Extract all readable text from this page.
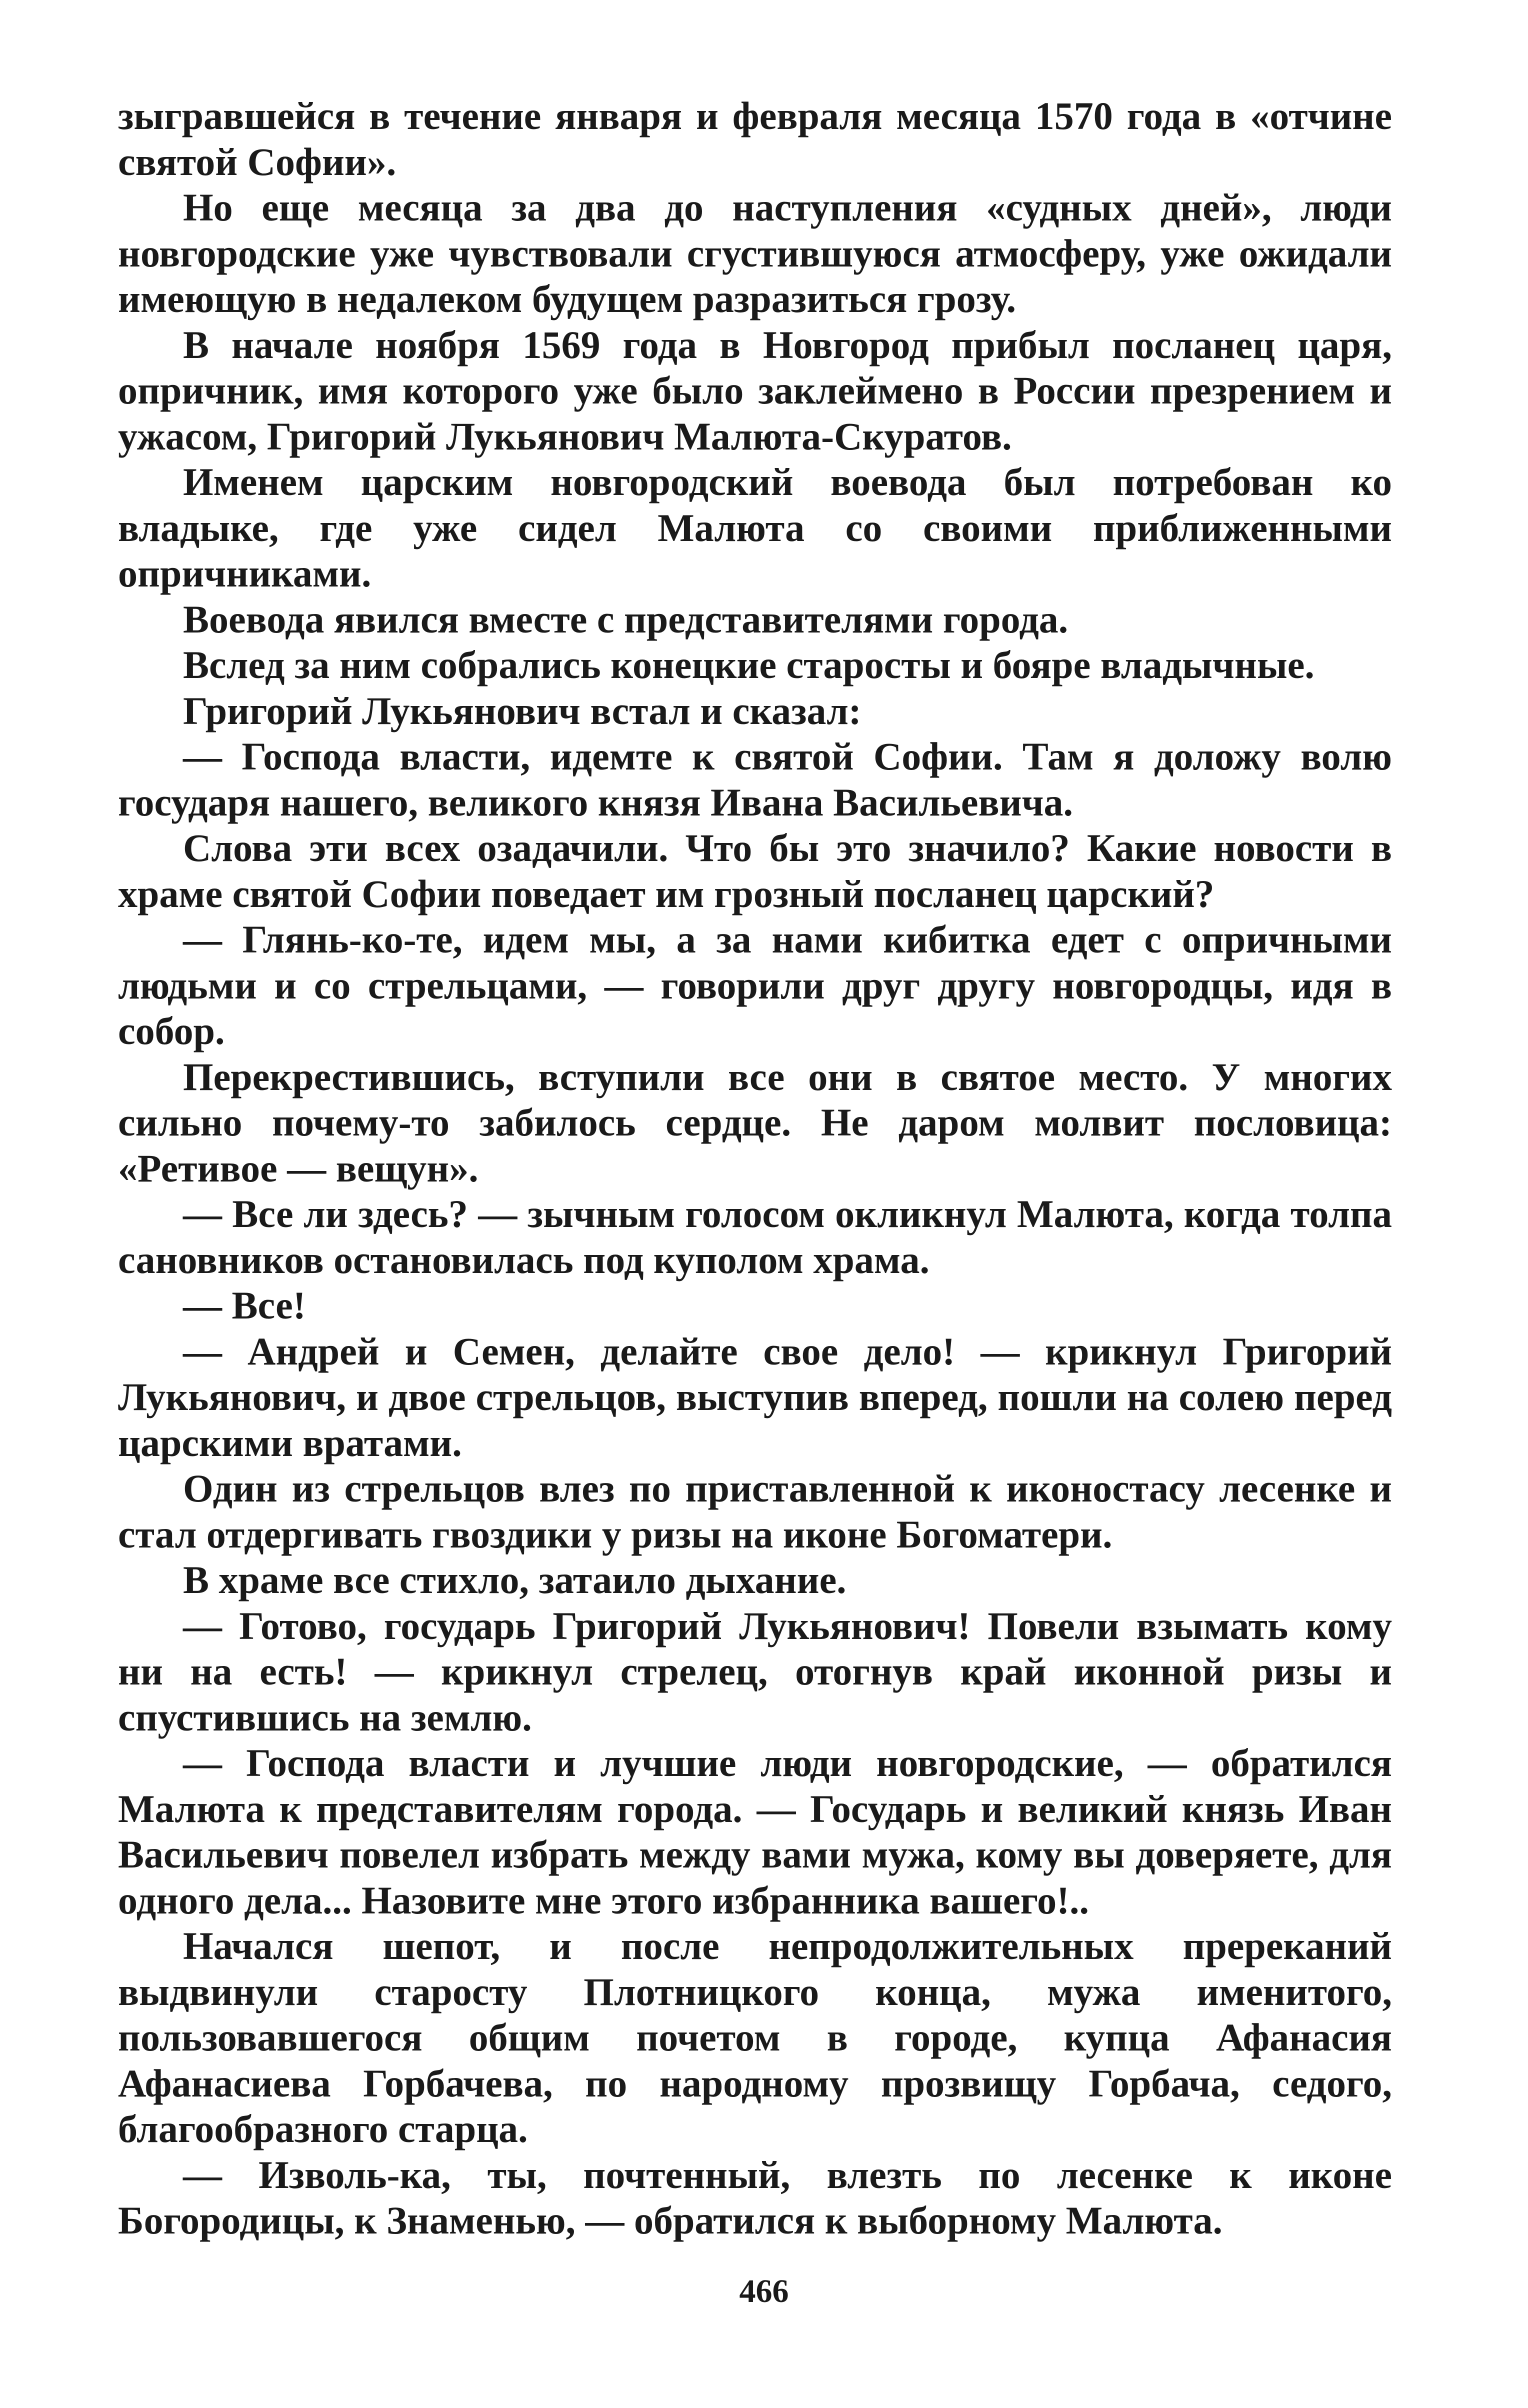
зыгравшейся в течение января и февраля месяца 1570 года в «отчине святой Софии».

Но еще месяца за два до наступления «судных дней», люди новгородские уже чувствовали сгустившуюся атмосферу, уже ожидали имеющую в недалеком будущем разразиться грозу.

В начале ноября 1569 года в Новгород прибыл посланец царя, опричник, имя которого уже было заклеймено в России презрением и ужасом, Григорий Лукьянович Малюта-Скуратов.

Именем царским новгородский воевода был потребован ко владыке, где уже сидел Малюта со своими приближенными опричниками.

Воевода явился вместе с представителями города.

Вслед за ним собрались конецкие старосты и бояре владычные.

Григорий Лукьянович встал и сказал:

— Господа власти, идемте к святой Софии. Там я доложу волю государя нашего, великого князя Ивана Васильевича.

Слова эти всех озадачили. Что бы это значило? Какие новости в храме святой Софии поведает им грозный посланец царский?

— Глянь-ко-те, идем мы, а за нами кибитка едет с опричными людьми и со стрельцами, — говорили друг другу новгородцы, идя в собор.

Перекрестившись, вступили все они в святое место. У многих сильно почему-то забилось сердце. Не даром молвит пословица: «Ретивое — вещун».

— Все ли здесь? — зычным голосом окликнул Малюта, когда толпа сановников остановилась под куполом храма.

— Все!

— Андрей и Семен, делайте свое дело! — крикнул Григорий Лукьянович, и двое стрельцов, выступив вперед, пошли на солею перед царскими вратами.

Один из стрельцов влез по приставленной к иконостасу лесенке и стал отдергивать гвоздики у ризы на иконе Богоматери.

В храме все стихло, затаило дыхание.

— Готово, государь Григорий Лукьянович! Повели взымать кому ни на есть! — крикнул стрелец, отогнув край иконной ризы и спустившись на землю.

— Господа власти и лучшие люди новгородские, — обратился Малюта к представителям города. — Государь и великий князь Иван Васильевич повелел избрать между вами мужа, кому вы доверяете, для одного дела... Назовите мне этого избранника вашего!..

Начался шепот, и после непродолжительных пререканий выдвинули старосту Плотницкого конца, мужа именитого, пользовавшегося общим почетом в городе, купца Афанасия Афанасиева Горбачева, по народному прозвищу Горбача, седого, благообразного старца.

— Изволь-ка, ты, почтенный, влезть по лесенке к иконе Богородицы, к Знаменью, — обратился к выборному Малюта.

466
